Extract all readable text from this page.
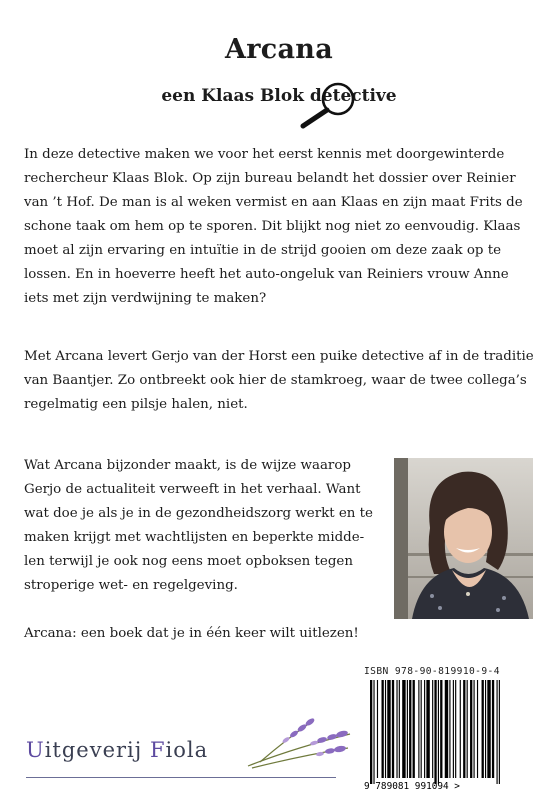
Arcana
een Klaas Blok detective

In deze detective maken we voor het eerst kennis met doorgewinterde rechercheur Klaas Blok. Op zijn bureau belandt het dossier over Reinier van ’t Hof. De man is al weken vermist en aan Klaas en zijn maat Frits de schone taak om hem op te sporen. Dit blijkt nog niet zo eenvoudig. Klaas moet al zijn ervaring en intuïtie in de strijd gooien om deze zaak op te lossen. En in hoeverre heeft het auto-ongeluk van Reiniers vrouw Anne iets met zijn verdwijning te maken?

Met Arcana levert Gerjo van der Horst een puike detective af in de traditie van Baantjer. Zo ontbreekt ook hier de stamkroeg, waar de twee collega’s regelmatig een pilsje halen, niet.

Wat Arcana bijzonder maakt, is de wijze waarop Gerjo de actualiteit verweeft in het verhaal. Want wat doe je als je in de gezondheidszorg werkt en te maken krijgt met wachtlijsten en beperkte middelen terwijl je ook nog eens moet opboksen tegen stroperige wet- en regelgeving.

Arcana: een boek dat je in één keer wilt uitlezen!

ISBN 978-90-819910-9-4
9 789081 991094 >
Uitgeverij Fiola
